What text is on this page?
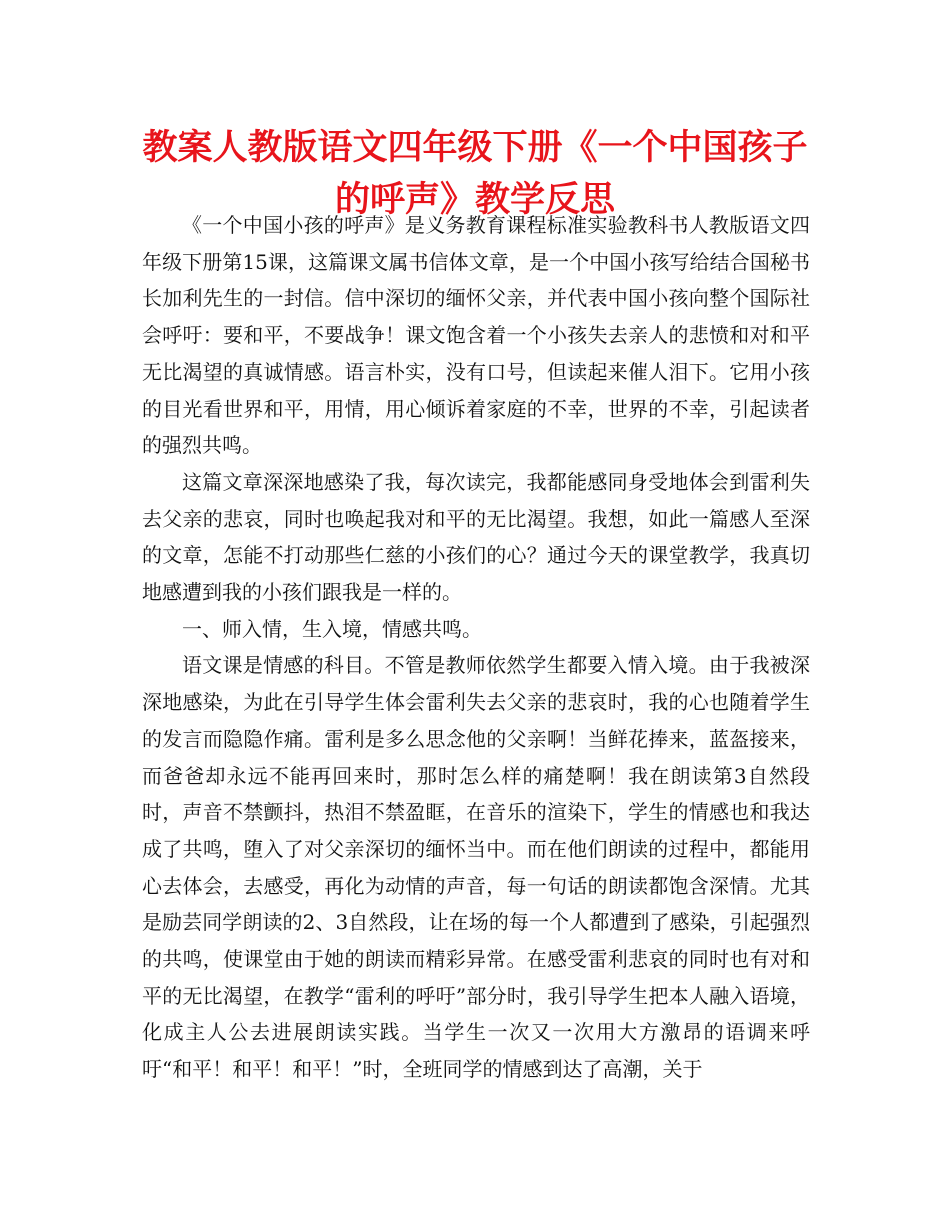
教案人教版语文四年级下册《一个中国孩子的呼声》教学反思

《一个中国小孩的呼声》是义务教育课程标准实验教科书人教版语文四年级下册第15课，这篇课文属书信体文章，是一个中国小孩写给结合国秘书长加利先生的一封信。信中深切的缅怀父亲，并代表中国小孩向整个国际社会呼吁：要和平，不要战争！课文饱含着一个小孩失去亲人的悲愤和对和平无比渴望的真诚情感。语言朴实，没有口号，但读起来催人泪下。它用小孩的目光看世界和平，用情，用心倾诉着家庭的不幸，世界的不幸，引起读者的强烈共鸣。

这篇文章深深地感染了我，每次读完，我都能感同身受地体会到雷利失去父亲的悲哀，同时也唤起我对和平的无比渴望。我想，如此一篇感人至深的文章，怎能不打动那些仁慈的小孩们的心？通过今天的课堂教学，我真切地感遭到我的小孩们跟我是一样的。

一、师入情，生入境，情感共鸣。

语文课是情感的科目。不管是教师依然学生都要入情入境。由于我被深深地感染，为此在引导学生体会雷利失去父亲的悲哀时，我的心也随着学生的发言而隐隐作痛。雷利是多么思念他的父亲啊！当鲜花捧来，蓝盔接来，而爸爸却永远不能再回来时，那时怎么样的痛楚啊！我在朗读第3自然段时，声音不禁颤抖，热泪不禁盈眶，在音乐的渲染下，学生的情感也和我达成了共鸣，堕入了对父亲深切的缅怀当中。而在他们朗读的过程中，都能用心去体会，去感受，再化为动情的声音，每一句话的朗读都饱含深情。尤其是励芸同学朗读的2、3自然段，让在场的每一个人都遭到了感染，引起强烈的共鸣，使课堂由于她的朗读而精彩异常。在感受雷利悲哀的同时也有对和平的无比渴望，在教学“雷利的呼吁”部分时，我引导学生把本人融入语境，化成主人公去进展朗读实践。当学生一次又一次用大方激昂的语调来呼吁“和平！和平！和平！”时，全班同学的情感到达了高潮，关于
